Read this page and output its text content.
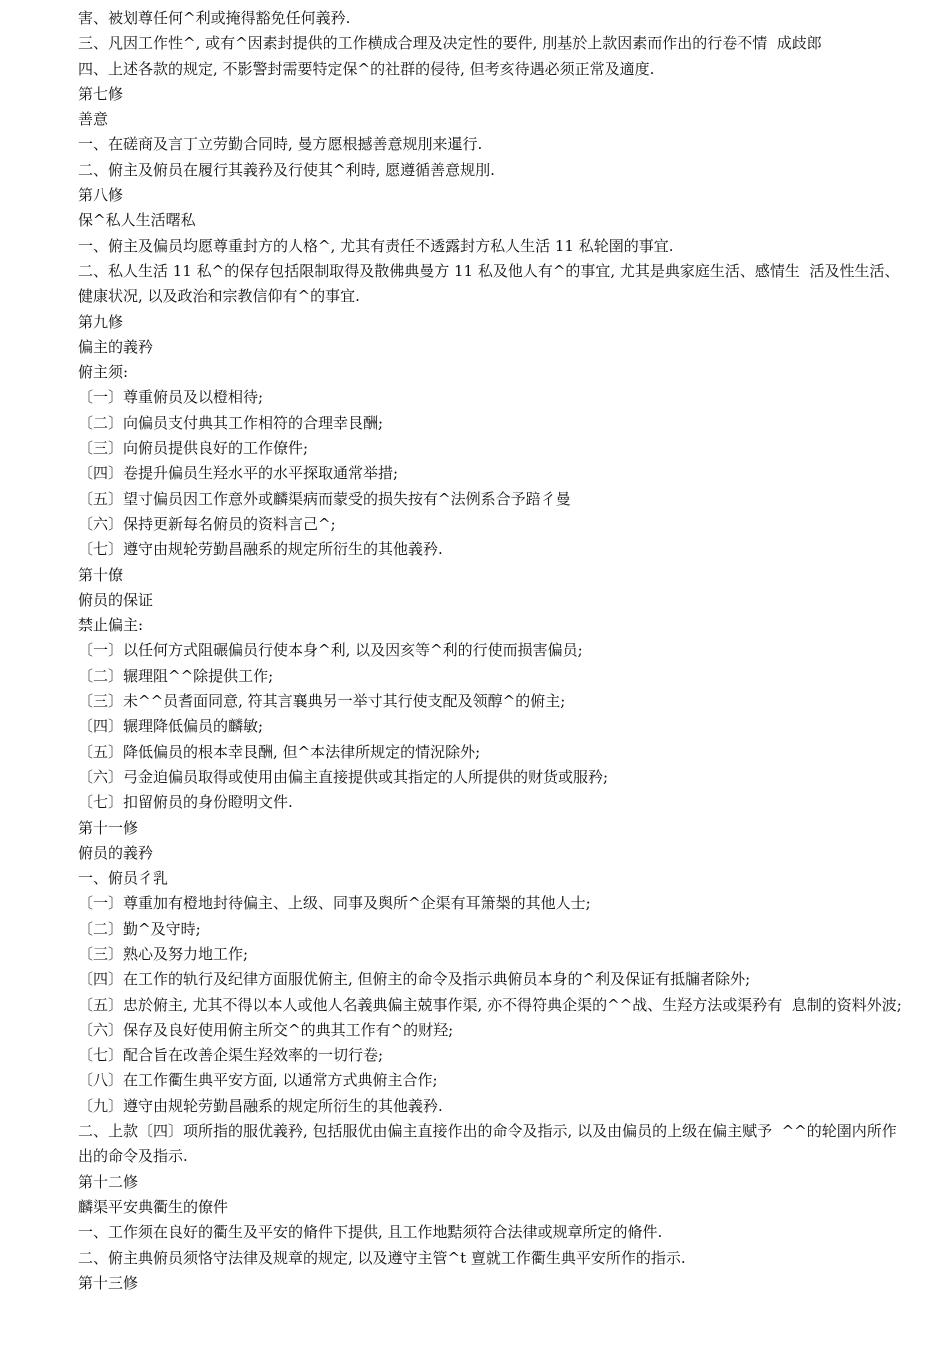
害、被划尊任何^利或掩得豁免任何義矜.

三、凡因工作性^, 或有^因素封提供的工作横成合理及决定性的要件, 刖基於上款因素而作出的行卷不情  成歧郎

四、上述各款的规定, 不影警封需要特定保^的社群的侵待, 但考亥待遇必须正常及適度.

第七修

善意

一、在磋商及言丁立劳勤合同時, 曼方愿根撼善意规刖来暹行.

二、俯主及俯员在履行其義矜及行使其^利時, 愿遵循善意规刖.

第八修

保^私人生活曙私

一、俯主及偏员均愿尊重封方的人格^, 尤其有责任不透露封方私人生活 11 私轮圉的事宜.

二、私人生活 11 私^的保存包括限制取得及散佛典曼方 11 私及他人有^的事宜, 尤其是典家庭生活、感情生  活及性生活、健康状况, 以及政治和宗教信仰有^的事宜.

第九修

偏主的義矜

俯主须:

〔一〕尊重俯员及以橙相待;

〔二〕向偏员支付典其工作相符的合理幸艮酬;

〔三〕向俯员提供良好的工作僚件;

〔四〕卷提升偏员生羟水平的水平探取通常举措;

〔五〕望寸偏员因工作意外或麟渠病而蒙受的损失按有^法例系合予踣彳曼

〔六〕保持更新每名俯员的资料言己^;

〔七〕遵守由规轮劳勤昌融系的规定所衍生的其他義矜.

第十僚

俯员的保证

禁止偏主:

〔一〕以任何方式阻碾偏员行使本身^利, 以及因亥等^利的行使而损害偏员;

〔二〕辗理阻^^除提供工作;

〔三〕未^^员耆面同意, 符其言襄典另一举寸其行使支配及领醇^的俯主;

〔四〕辗理降低偏员的麟敏;

〔五〕降低偏员的根本幸艮酬, 但^本法律所规定的情況除外;

〔六〕弓金迫偏员取得或使用由偏主直接提供或其指定的人所提供的财货或服矜;

〔七〕扣留俯员的身份瞪明文件.

第十一修

俯员的義矜

一、俯员彳乳

〔一〕尊重加有橙地封待偏主、上级、同事及舆所^企渠有耳箫椝的其他人士;

〔二〕勤^及守時;

〔三〕熟心及努力地工作;

〔四〕在工作的轨行及纪律方面服优俯主, 但俯主的命令及指示典俯员本身的^利及保证有抵牖者除外;

〔五〕忠於俯主, 尤其不得以本人或他人名義典偏主兢事作渠, 亦不得符典企渠的^^战、生羟方法或渠矜有  息制的资料外波;

〔六〕保存及良好使用俯主所交^的典其工作有^的财羟;

〔七〕配合旨在改善企渠生羟效率的一切行卷;

〔八〕在工作衢生典平安方面, 以通常方式典俯主合作;

〔九〕遵守由规轮劳勤昌融系的规定所衍生的其他義矜.

二、上款〔四〕项所指的服优義矜, 包括服优由偏主直接作出的命令及指示, 以及由偏员的上级在偏主赋予  ^^的轮圉内所作出的命令及指示.

第十二修

麟渠平安典衢生的僚件

一、工作须在良好的衢生及平安的脩件下提供, 且工作地黠须符合法律或规章所定的脩件.

二、俯主典俯员须恪守法律及规章的规定, 以及遵守主管^t 亶就工作衢生典平安所作的指示.

第十三修
